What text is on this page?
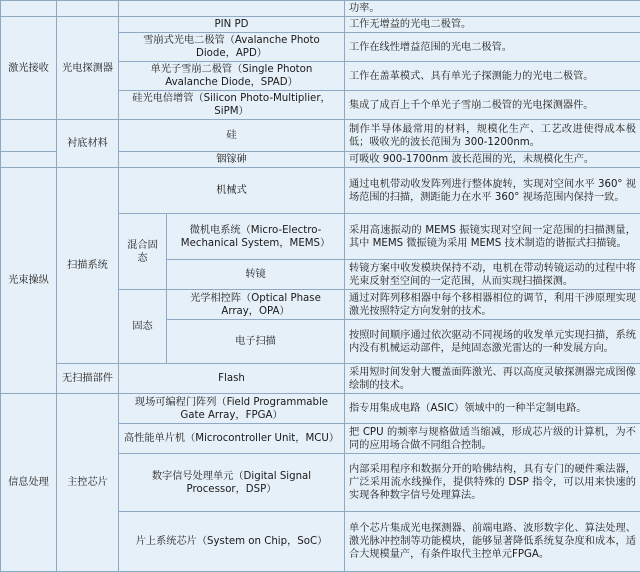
				功率。
激光接收	光电探测器	PIN PD		工作无增益的光电二极管。
		雪崩式光电二极管（Avalanche Photo Diode，APD）		工作在线性增益范围的光电二极管。
		单光子雪崩二极管（Single Photon Avalanche Diode，SPAD）		工作在盖革模式、具有单光子探测能力的光电二极管。
		硅光电倍增管（Silicon Photo-Multiplier，SiPM）		集成了成百上千个单光子雪崩二极管的光电探测器件。
	衬底材料	硅		制作半导体最常用的材料，规模化生产、工艺改进使得成本极低；吸收光的波长范围为 300-1200nm。
		铟镓砷		可吸收 900-1700nm 波长范围的光，未规模化生产。
光束操纵	扫描系统	机械式		通过电机带动收发阵列进行整体旋转，实现对空间水平 360° 视场范围的扫描，测距能力在水平 360° 视场范围内保持一致。
		混合固态	微机电系统（Micro-Electro-Mechanical System，MEMS）	采用高速振动的 MEMS 振镜实现对空间一定范围的扫描测量，其中 MEMS 微振镜为采用 MEMS 技术制造的谐振式扫描镜。
			转镜	转镜方案中收发模块保持不动，电机在带动转镜运动的过程中将光束反射至空间的一定范围，从而实现扫描探测。
		固态	光学相控阵（Optical Phase Array，OPA）	通过对阵列移相器中每个移相器相位的调节，利用干涉原理实现激光按照特定方向发射的技术。
			电子扫描	按照时间顺序通过依次驱动不同视场的收发单元实现扫描，系统内没有机械运动部件，是纯固态激光雷达的一种发展方向。
	无扫描部件	Flash		采用短时间发射大覆盖面阵激光、再以高度灵敏探测器完成图像绘制的技术。
信息处理	主控芯片	现场可编程门阵列（Field Programmable Gate Array，FPGA）		指专用集成电路（ASIC）领域中的一种半定制电路。
		高性能单片机（Microcontroller Unit，MCU）		把 CPU 的频率与规格做适当缩减，形成芯片级的计算机，为不同的应用场合做不同组合控制。
		数字信号处理单元（Digital Signal Processor，DSP）		内部采用程序和数据分开的哈佛结构，具有专门的硬件乘法器，广泛采用流水线操作，提供特殊的 DSP 指令，可以用来快速的实现各种数字信号处理算法。
		片上系统芯片（System on Chip，SoC）		单个芯片集成光电探测器、前端电路、波形数字化、算法处理、激光脉冲控制等功能模块，能够显著降低系统复杂度和成本，适合大规模量产，有条件取代主控单元FPGA。
